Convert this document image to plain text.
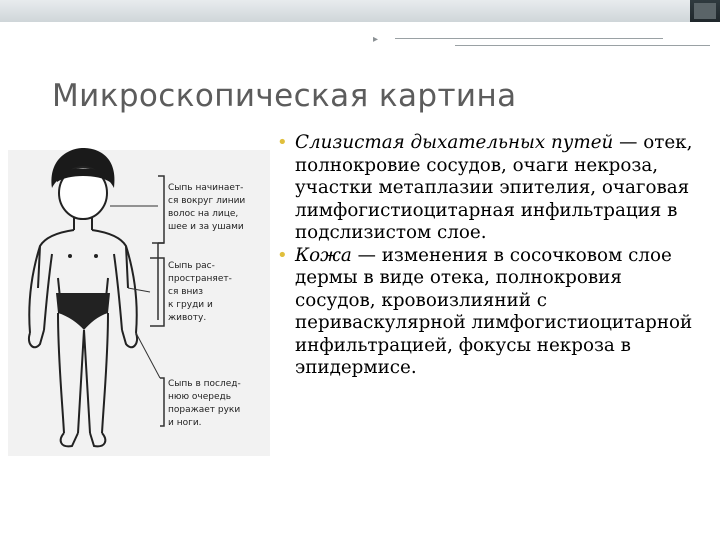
▸
Микроскопическая картина
Сыпь начинает-ся вокруг линии волос на лице, шее и за ушами
Сыпь рас-пространяет-ся вниз к груди и животу.
Сыпь в послед-нюю очередь поражает руки и ноги.
• Слизистая дыхательных путей — отек, полнокровие сосудов, очаги некроза, участки метаплазии эпителия, очаговая лимфогистиоцитарная инфильтрация в подслизистом слое.
• Кожа — изменения в сосочковом слое дермы в виде отека, полнокровия сосудов, кровоизлияний с периваскулярной лимфогистиоцитарной инфильтрацией, фокусы некроза в эпидермисе.
